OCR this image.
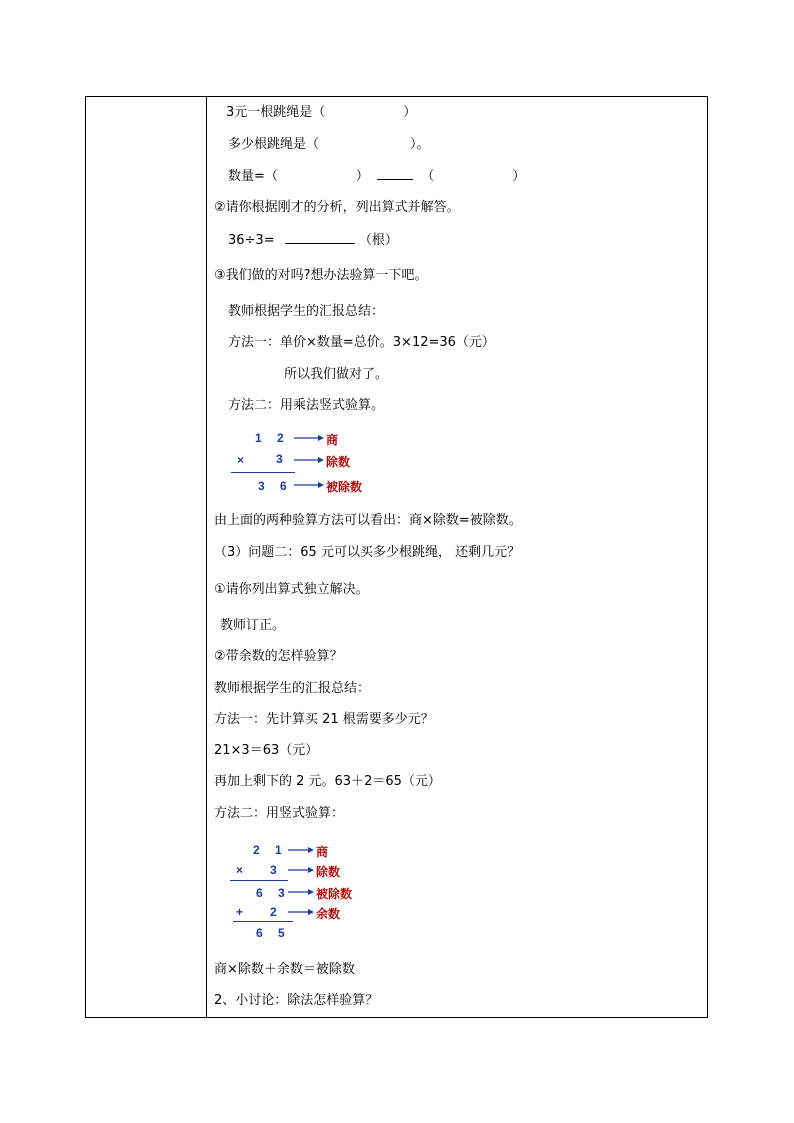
3元一根跳绳是（　　　　　　）
多少根跳绳是（　　　　　　　）。
数量=（　　　　　　）	（　　　　　　）
②请你根据刚才的分析，列出算式并解答。
36÷3=	（根）
③我们做的对吗?想办法验算一下吧。
教师根据学生的汇报总结：
方法一：单价×数量=总价。3×12=36（元）
所以我们做对了。
方法二：用乘法竖式验算。
1 2
×	3
3 6
商
除数
被除数
由上面的两种验算方法可以看出：商×除数=被除数。
（3）问题二：65 元可以买多少根跳绳， 还剩几元？
①请你列出算式独立解决。
教师订正。
②带余数的怎样验算？
教师根据学生的汇报总结：
方法一：先计算买 21 根需要多少元？
21×3＝63（元）
再加上剩下的 2 元。63＋2＝65（元）
方法二：用竖式验算：
2 1
× 3
6 3
+ 2
6 5
商
除数
被除数
余数
商×除数＋余数＝被除数
2、小讨论：除法怎样验算？
